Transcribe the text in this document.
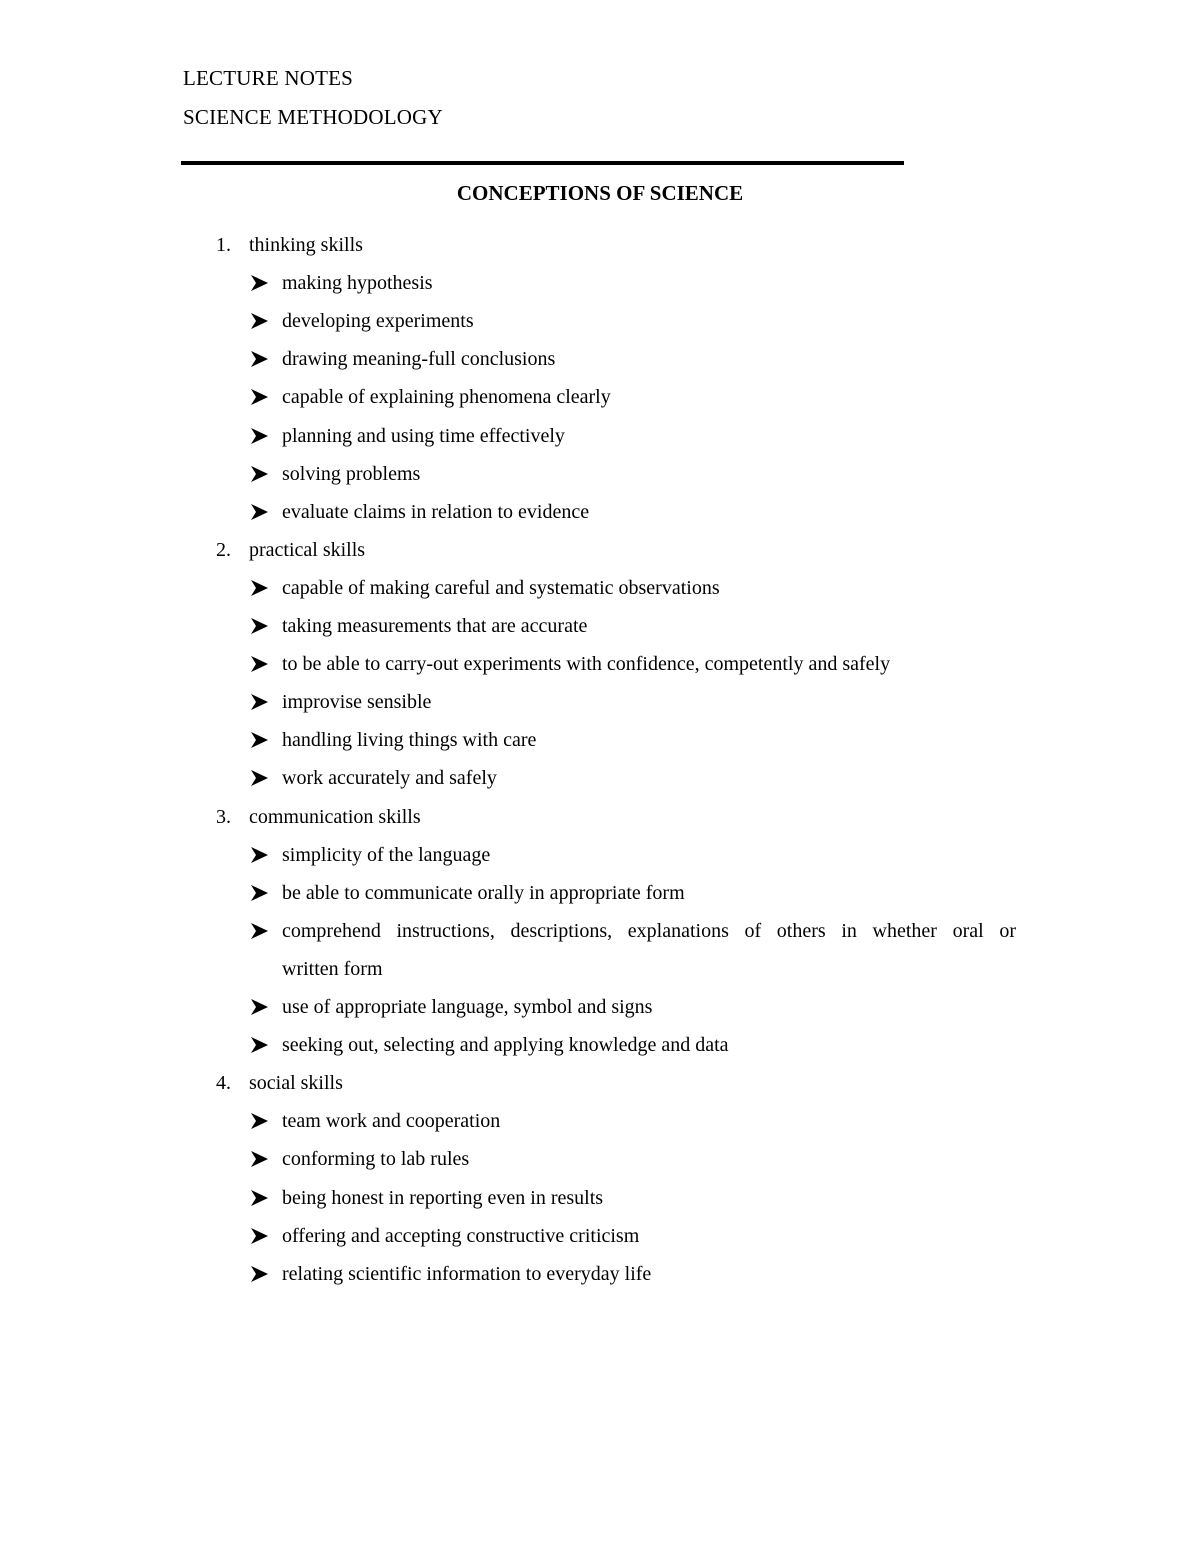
LECTURE NOTES
SCIENCE METHODOLOGY
CONCEPTIONS OF SCIENCE
1. thinking skills
making hypothesis
developing experiments
drawing meaning-full conclusions
capable of explaining phenomena clearly
planning and using time effectively
solving problems
evaluate claims in relation to evidence
2. practical skills
capable of making careful and systematic observations
taking measurements that are accurate
to be able to carry-out experiments with confidence, competently and safely
improvise sensible
handling living things with care
work accurately and safely
3. communication skills
simplicity of the language
be able to communicate orally in appropriate form
comprehend instructions, descriptions, explanations of others in whether oral or
written form
use of appropriate language, symbol and signs
seeking out, selecting and applying knowledge and data
4. social skills
team work and cooperation
conforming to lab rules
being honest in reporting even in results
offering and accepting constructive criticism
relating scientific information to everyday life
